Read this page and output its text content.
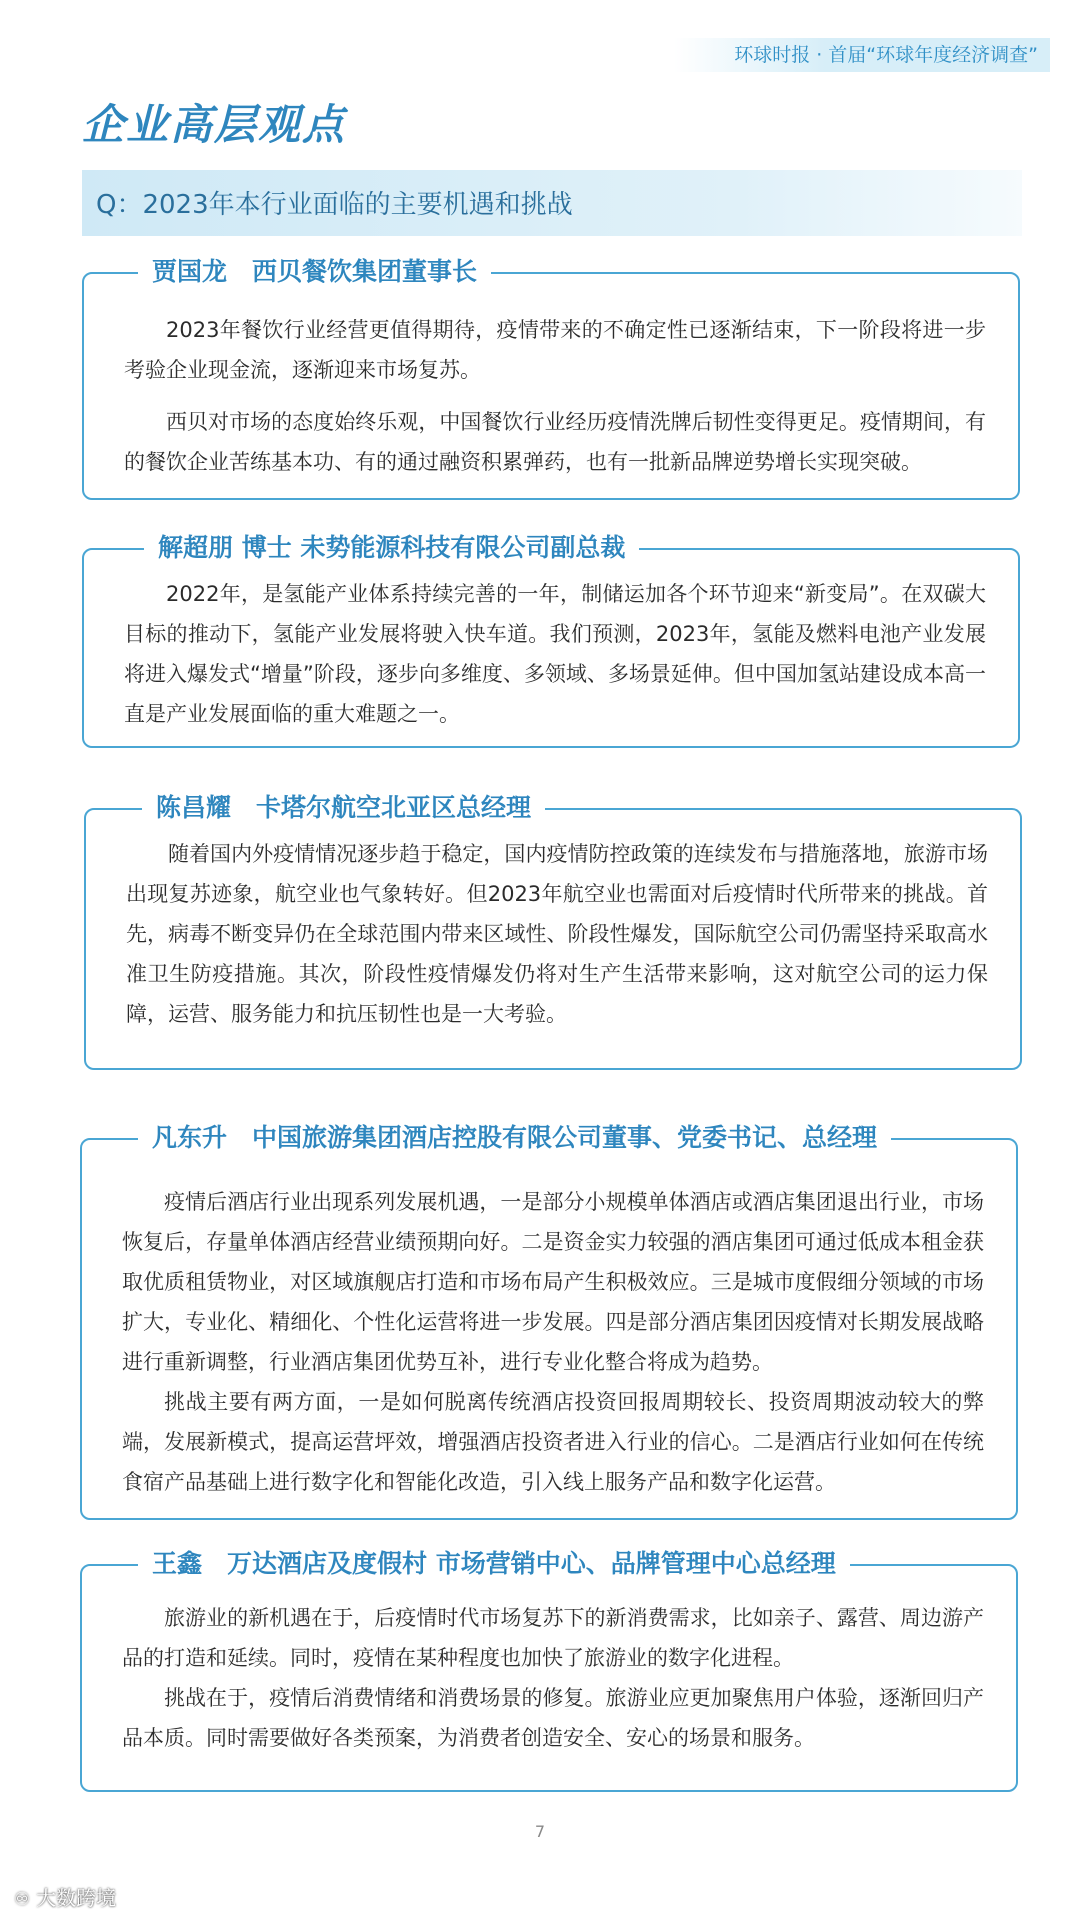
环球时报 · 首届“环球年度经济调查”
企业高层观点
Q：2023年本行业面临的主要机遇和挑战
贾国龙　西贝餐饮集团董事长

2023年餐饮行业经营更值得期待，疫情带来的不确定性已逐渐结束，下一阶段将进一步考验企业现金流，逐渐迎来市场复苏。

西贝对市场的态度始终乐观，中国餐饮行业经历疫情洗牌后韧性变得更足。疫情期间，有的餐饮企业苦练基本功、有的通过融资积累弹药，也有一批新品牌逆势增长实现突破。

解超朋 博士 未势能源科技有限公司副总裁

2022年，是氢能产业体系持续完善的一年，制储运加各个环节迎来“新变局”。在双碳大目标的推动下，氢能产业发展将驶入快车道。我们预测，2023年，氢能及燃料电池产业发展将进入爆发式“增量”阶段，逐步向多维度、多领域、多场景延伸。但中国加氢站建设成本高一直是产业发展面临的重大难题之一。

陈昌耀　卡塔尔航空北亚区总经理

随着国内外疫情情况逐步趋于稳定，国内疫情防控政策的连续发布与措施落地，旅游市场出现复苏迹象，航空业也气象转好。但2023年航空业也需面对后疫情时代所带来的挑战。首先，病毒不断变异仍在全球范围内带来区域性、阶段性爆发，国际航空公司仍需坚持采取高水准卫生防疫措施。其次，阶段性疫情爆发仍将对生产生活带来影响，这对航空公司的运力保障，运营、服务能力和抗压韧性也是一大考验。

凡东升　中国旅游集团酒店控股有限公司董事、党委书记、总经理

疫情后酒店行业出现系列发展机遇，一是部分小规模单体酒店或酒店集团退出行业，市场恢复后，存量单体酒店经营业绩预期向好。二是资金实力较强的酒店集团可通过低成本租金获取优质租赁物业，对区域旗舰店打造和市场布局产生积极效应。三是城市度假细分领域的市场扩大，专业化、精细化、个性化运营将进一步发展。四是部分酒店集团因疫情对长期发展战略进行重新调整，行业酒店集团优势互补，进行专业化整合将成为趋势。

挑战主要有两方面，一是如何脱离传统酒店投资回报周期较长、投资周期波动较大的弊端，发展新模式，提高运营坪效，增强酒店投资者进入行业的信心。二是酒店行业如何在传统食宿产品基础上进行数字化和智能化改造，引入线上服务产品和数字化运营。

王鑫　万达酒店及度假村 市场营销中心、品牌管理中心总经理

旅游业的新机遇在于，后疫情时代市场复苏下的新消费需求，比如亲子、露营、周边游产品的打造和延续。同时，疫情在某种程度也加快了旅游业的数字化进程。

挑战在于，疫情后消费情绪和消费场景的修复。旅游业应更加聚焦用户体验，逐渐回归产品本质。同时需要做好各类预案，为消费者创造安全、安心的场景和服务。

7
♾ 大数跨境
